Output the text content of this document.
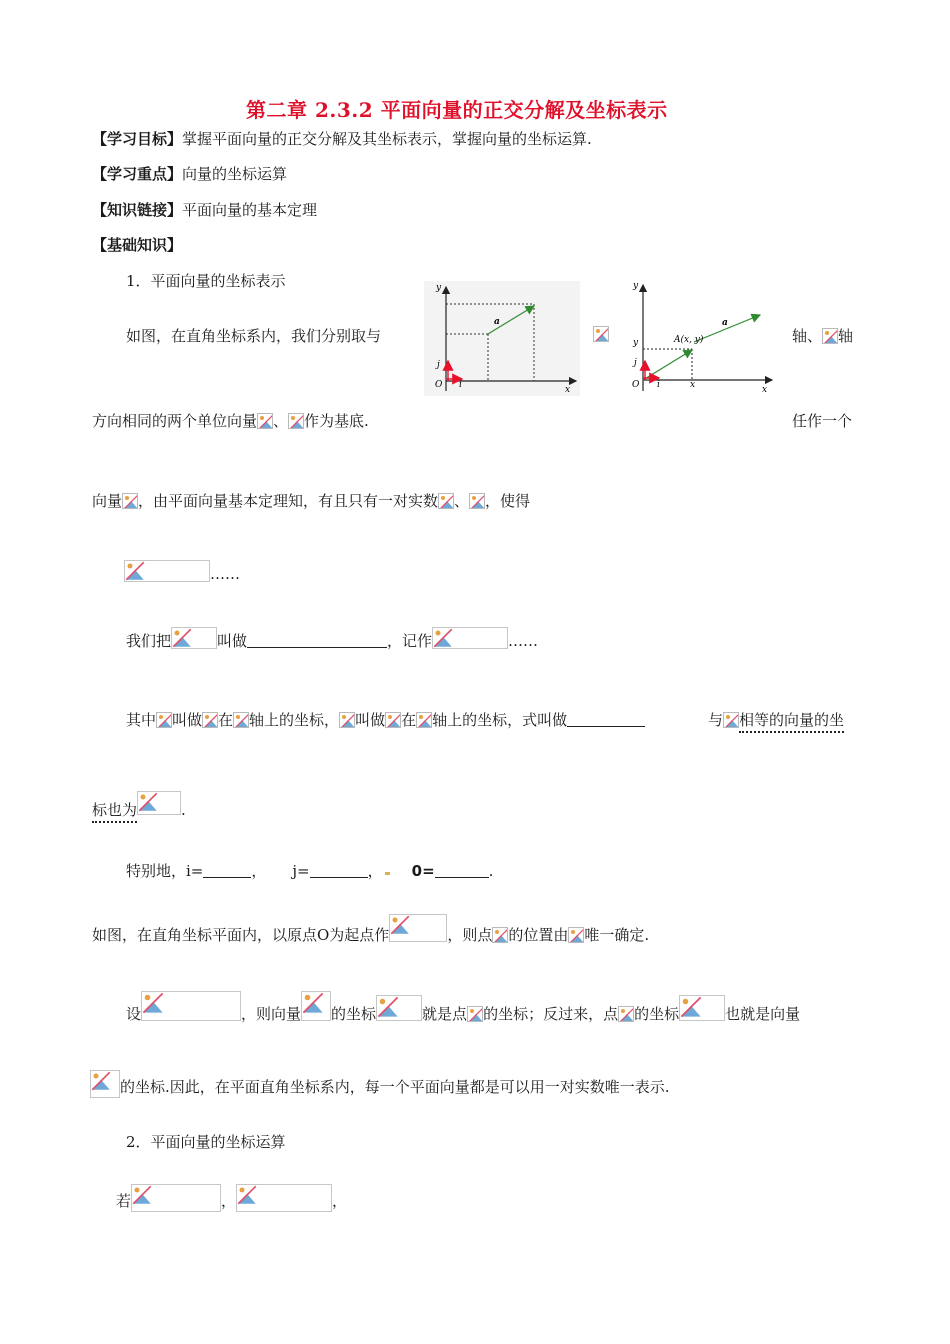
第二章 2.3.2 平面向量的正交分解及坐标表示
【学习目标】掌握平面向量的正交分解及其坐标表示，掌握向量的坐标运算.
【学习重点】向量的坐标运算
【知识链接】平面向量的基本定理
【基础知识】
1．平面向量的坐标表示	y
x
O
j
i
a
如图，在直角坐标系内，我们分别取与
y
x
O
j
i
a
A(x, y)
y
x
轴、 轴
方向相同的两个单位向量 、 作为基底.	任作一个
向量 ，由平面向量基本定理知，有且只有一对实数 、 ，使得
……
我们把	叫做	，记作	……
其中 叫做 在 轴上的坐标， 叫做 在 轴上的坐标，式叫做	与 相等的向量的坐
标也为	.
特别地，i=	， j=	， 0=	.
如图，在直角坐标平面内，以原点O为起点作	，则点 的位置由 唯一确定.
设	，则向量 的坐标	就是点 的坐标；反过来，点 的坐标	也就是向量
的坐标.因此，在平面直角坐标系内，每一个平面向量都是可以用一对实数唯一表示.
2．平面向量的坐标运算
若	，	，
